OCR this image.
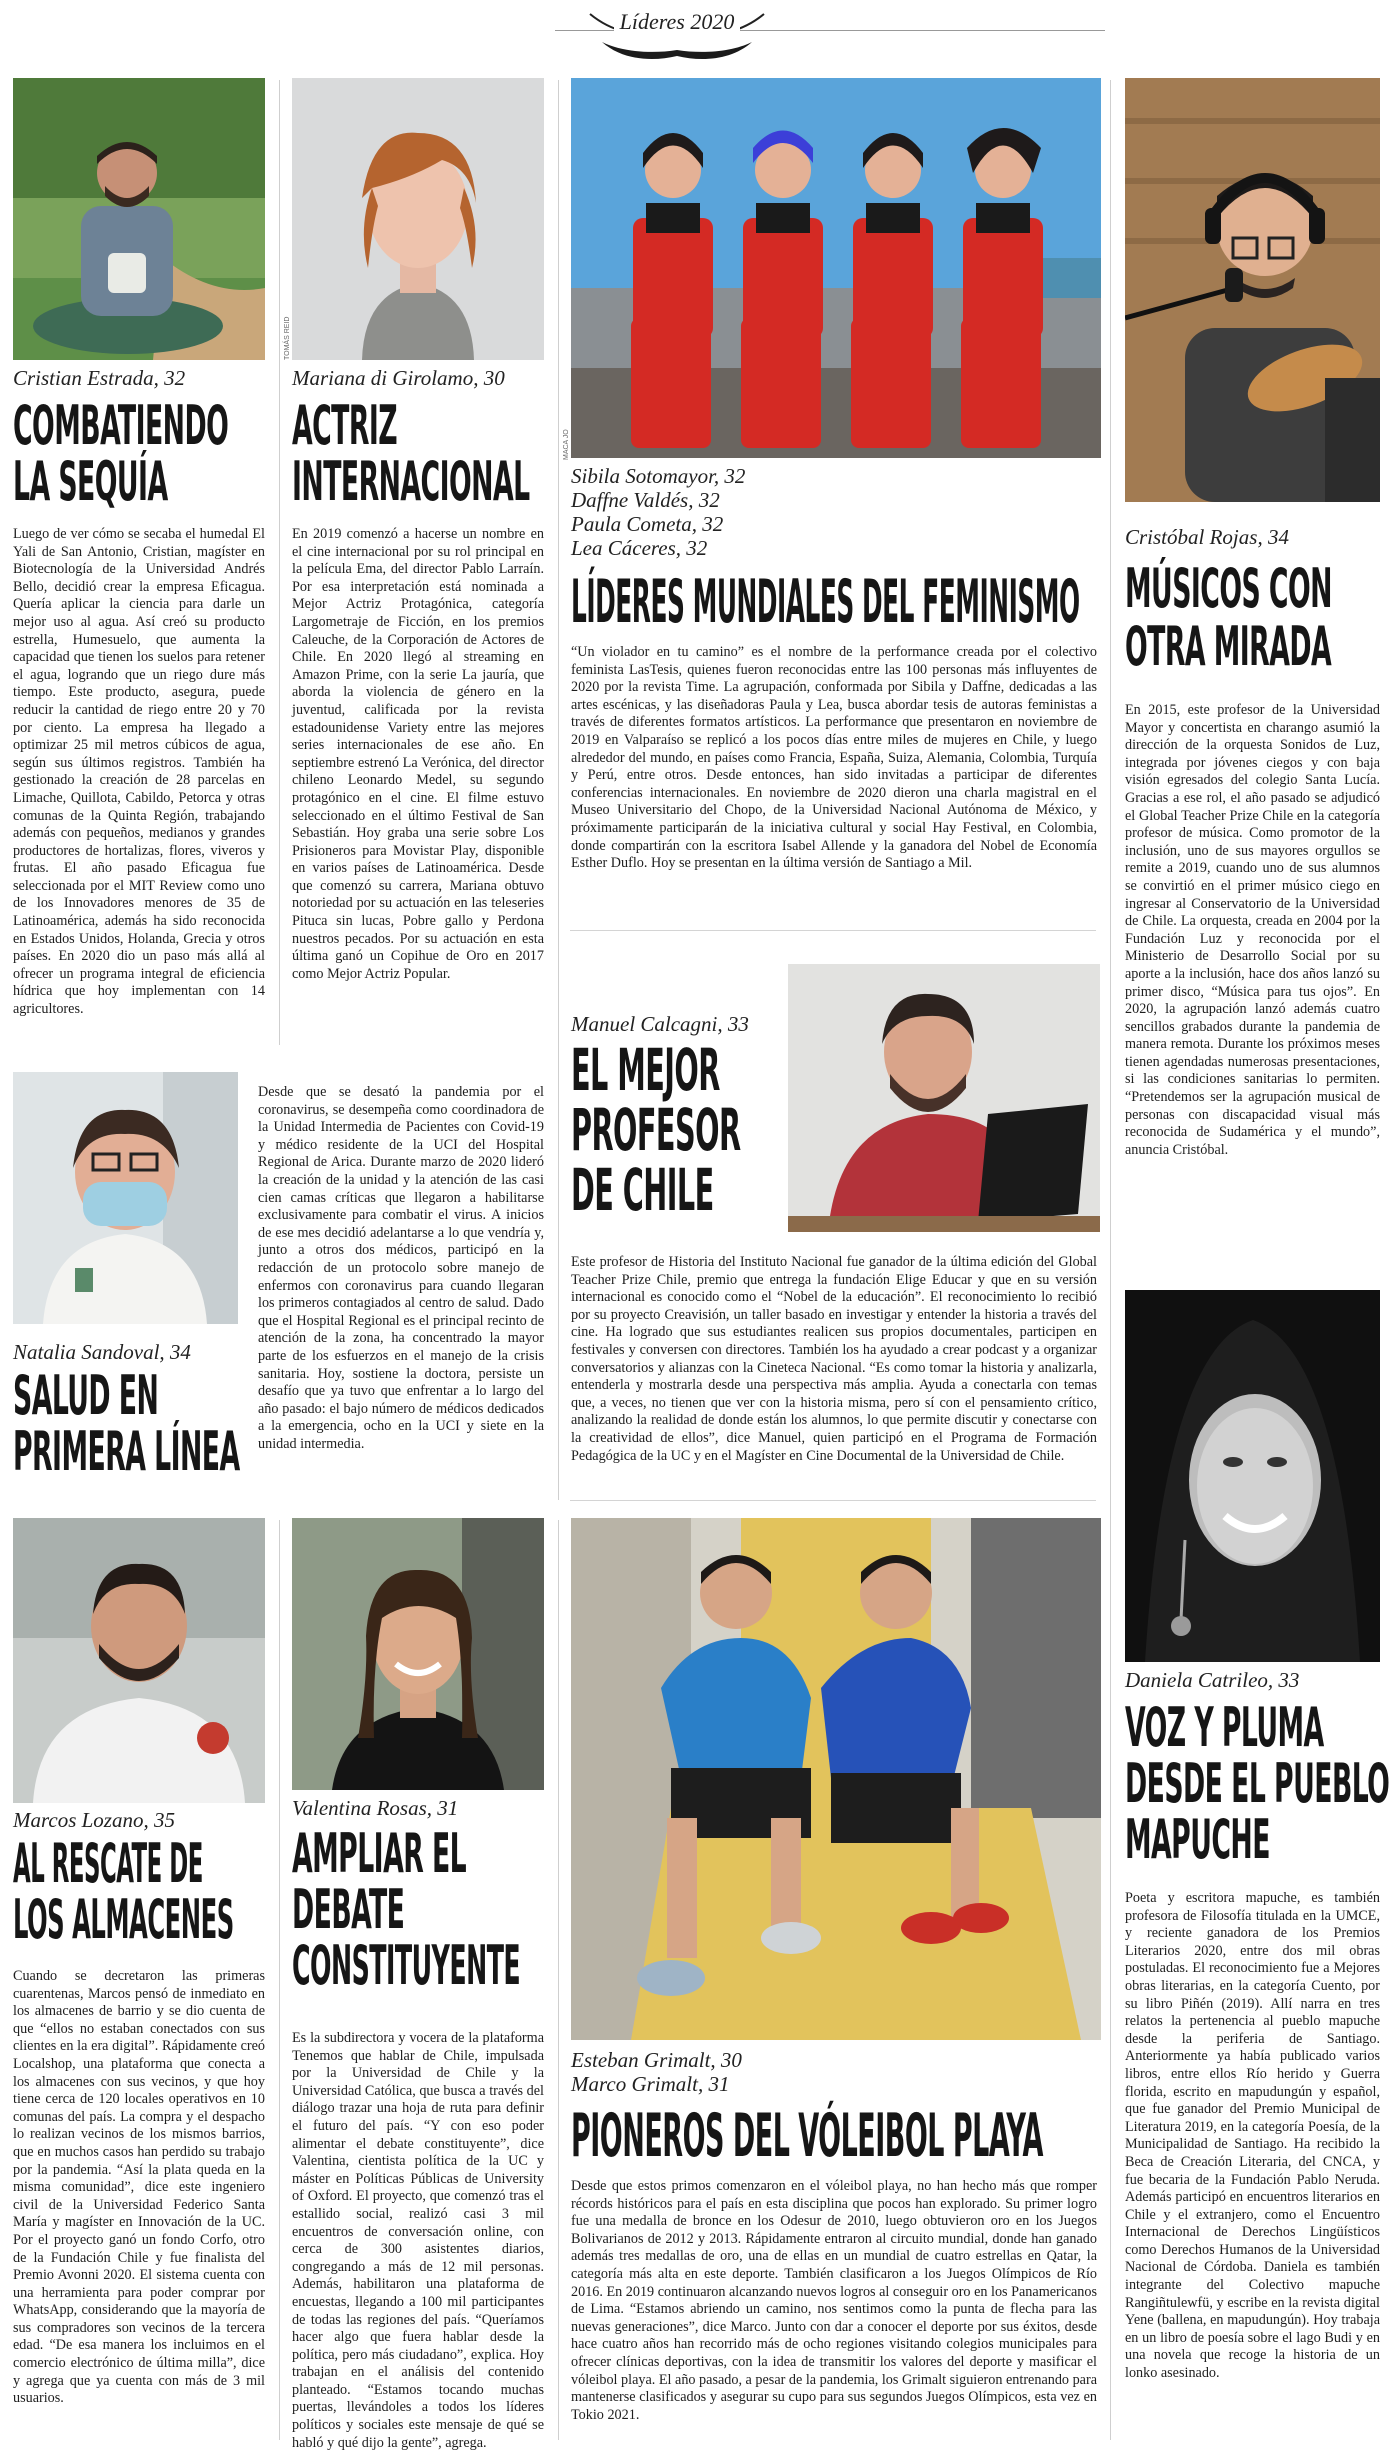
Líderes 2020
Cristian Estrada, 32
COMBATIENDO
LA SEQUÍA
Luego de ver cómo se secaba el humedal El Yali de San Antonio, Cristian, magíster en Biotecnología de la Universidad Andrés Bello, decidió crear la empresa Eficagua. Quería aplicar la ciencia para darle un mejor uso al agua. Así creó su producto estrella, Humesuelo, que aumenta la capacidad que tienen los suelos para retener el agua, logrando que un riego dure más tiempo. Este producto, asegura, puede reducir la cantidad de riego entre 20 y 70 por ciento. La empresa ha llegado a optimizar 25 mil metros cúbicos de agua, según sus últimos registros. También ha gestionado la creación de 28 parcelas en Limache, Quillota, Cabildo, Petorca y otras comunas de la Quinta Región, trabajando además con pequeños, medianos y grandes productores de hortalizas, flores, viveros y frutas. El año pasado Eficagua fue seleccionada por el MIT Review como uno de los Innovadores menores de 35 de Latinoamérica, además ha sido reconocida en Estados Unidos, Holanda, Grecia y otros países. En 2020 dio un paso más allá al ofrecer un programa integral de eficiencia hídrica que hoy implementan con 14 agricultores.
TOMÁS REID
Mariana di Girolamo, 30
ACTRIZ
INTERNACIONAL
En 2019 comenzó a hacerse un nombre en el cine internacional por su rol principal en la película Ema, del director Pablo Larraín. Por esa interpretación está nominada a Mejor Actriz Protagónica, categoría Largometraje de Ficción, en los premios Caleuche, de la Corporación de Actores de Chile. En 2020 llegó al streaming en Amazon Prime, con la serie La jauría, que aborda la violencia de género en la juventud, calificada por la revista estadounidense Variety entre las mejores series internacionales de ese año. En septiembre estrenó La Verónica, del director chileno Leonardo Medel, su segundo protagónico en el cine. El filme estuvo seleccionado en el último Festival de San Sebastián. Hoy graba una serie sobre Los Prisioneros para Movistar Play, disponible en varios países de Latinoamérica. Desde que comenzó su carrera, Mariana obtuvo notoriedad por su actuación en las teleseries Pituca sin lucas, Pobre gallo y Perdona nuestros pecados. Por su actuación en esta última ganó un Copihue de Oro en 2017 como Mejor Actriz Popular.
MACA JO
Sibila Sotomayor, 32
Daffne Valdés, 32
Paula Cometa, 32
Lea Cáceres, 32
LÍDERES MUNDIALES DEL FEMINISMO
“Un violador en tu camino” es el nombre de la performance creada por el colectivo feminista LasTesis, quienes fueron reconocidas entre las 100 personas más influyentes de 2020 por la revista Time. La agrupación, conformada por Sibila y Daffne, dedicadas a las artes escénicas, y las diseñadoras Paula y Lea, busca abordar tesis de autoras feministas a través de diferentes formatos artísticos. La performance que presentaron en noviembre de 2019 en Valparaíso se replicó a los pocos días entre miles de mujeres en Chile, y luego alrededor del mundo, en países como Francia, España, Suiza, Alemania, Colombia, Turquía y Perú, entre otros. Desde entonces, han sido invitadas a participar de diferentes conferencias internacionales. En noviembre de 2020 dieron una charla magistral en el Museo Universitario del Chopo, de la Universidad Nacional Autónoma de México, y próximamente participarán de la iniciativa cultural y social Hay Festival, en Colombia, donde compartirán con la escritora Isabel Allende y la ganadora del Nobel de Economía Esther Duflo. Hoy se presentan en la última versión de Santiago a Mil.
Cristóbal Rojas, 34
MÚSICOS CON
OTRA MIRADA
En 2015, este profesor de la Universidad Mayor y concertista en charango asumió la dirección de la orquesta Sonidos de Luz, integrada por jóvenes ciegos y con baja visión egresados del colegio Santa Lucía. Gracias a ese rol, el año pasado se adjudicó el Global Teacher Prize Chile en la categoría profesor de música. Como promotor de la inclusión, uno de sus mayores orgullos se remite a 2019, cuando uno de sus alumnos se convirtió en el primer músico ciego en ingresar al Conservatorio de la Universidad de Chile. La orquesta, creada en 2004 por la Fundación Luz y reconocida por el Ministerio de Desarrollo Social por su aporte a la inclusión, hace dos años lanzó su primer disco, “Música para tus ojos”. En 2020, la agrupación lanzó además cuatro sencillos grabados durante la pandemia de manera remota. Durante los próximos meses tienen agendadas numerosas presentaciones, si las condiciones sanitarias lo permiten. “Pretendemos ser la agrupación musical de personas con discapacidad visual más reconocida de Sudamérica y el mundo”, anuncia Cristóbal.
Natalia Sandoval, 34
SALUD EN
PRIMERA LÍNEA
Desde que se desató la pandemia por el coronavirus, se desempeña como coordinadora de la Unidad Intermedia de Pacientes con Covid-19 y médico residente de la UCI del Hospital Regional de Arica. Durante marzo de 2020 lideró la creación de la unidad y la atención de las casi cien camas críticas que llegaron a habilitarse exclusivamente para combatir el virus. A inicios de ese mes decidió adelantarse a lo que vendría y, junto a otros dos médicos, participó en la redacción de un protocolo sobre manejo de enfermos con coronavirus para cuando llegaran los primeros contagiados al centro de salud. Dado que el Hospital Regional es el principal recinto de atención de la zona, ha concentrado la mayor parte de los esfuerzos en el manejo de la crisis sanitaria. Hoy, sostiene la doctora, persiste un desafío que ya tuvo que enfrentar a lo largo del año pasado: el bajo número de médicos dedicados a la emergencia, ocho en la UCI y siete en la unidad intermedia.
Manuel Calcagni, 33
EL MEJOR
PROFESOR
DE CHILE
Este profesor de Historia del Instituto Nacional fue ganador de la última edición del Global Teacher Prize Chile, premio que entrega la fundación Elige Educar y que en su versión internacional es conocido como el “Nobel de la educación”. El reconocimiento lo recibió por su proyecto Creavisión, un taller basado en investigar y entender la historia a través del cine. Ha logrado que sus estudiantes realicen sus propios documentales, participen en festivales y conversen con directores. También los ha ayudado a crear podcast y a organizar conversatorios y alianzas con la Cineteca Nacional. “Es como tomar la historia y analizarla, entenderla y mostrarla desde una perspectiva más amplia. Ayuda a conectarla con temas que, a veces, no tienen que ver con la historia misma, pero sí con el pensamiento crítico, analizando la realidad de donde están los alumnos, lo que permite discutir y conectarse con la creatividad de ellos”, dice Manuel, quien participó en el Programa de Formación Pedagógica de la UC y en el Magíster en Cine Documental de la Universidad de Chile.
Daniela Catrileo, 33
VOZ Y PLUMA
DESDE EL PUEBLO
MAPUCHE
Poeta y escritora mapuche, es también profesora de Filosofía titulada en la UMCE, y reciente ganadora de los Premios Literarios 2020, entre dos mil obras postuladas. El reconocimiento fue a Mejores obras literarias, en la categoría Cuento, por su libro Piñén (2019). Allí narra en tres relatos la pertenencia al pueblo mapuche desde la periferia de Santiago. Anteriormente ya había publicado varios libros, entre ellos Río herido y Guerra florida, escrito en mapudungún y español, que fue ganador del Premio Municipal de Literatura 2019, en la categoría Poesía, de la Municipalidad de Santiago. Ha recibido la Beca de Creación Literaria, del CNCA, y fue becaria de la Fundación Pablo Neruda. Además participó en encuentros literarios en Chile y el extranjero, como el Encuentro Internacional de Derechos Lingüísticos como Derechos Humanos de la Universidad Nacional de Córdoba. Daniela es también integrante del Colectivo mapuche Rangiñtulewfü, y escribe en la revista digital Yene (ballena, en mapudungún). Hoy trabaja en un libro de poesía sobre el lago Budi y en una novela que recoge la historia de un lonko asesinado.
Marcos Lozano, 35
AL RESCATE DE
LOS ALMACENES
Cuando se decretaron las primeras cuarentenas, Marcos pensó de inmediato en los almacenes de barrio y se dio cuenta de que “ellos no estaban conectados con sus clientes en la era digital”. Rápidamente creó Localshop, una plataforma que conecta a los almacenes con sus vecinos, y que hoy tiene cerca de 120 locales operativos en 10 comunas del país. La compra y el despacho lo realizan vecinos de los mismos barrios, que en muchos casos han perdido su trabajo por la pandemia. “Así la plata queda en la misma comunidad”, dice este ingeniero civil de la Universidad Federico Santa María y magíster en Innovación de la UC. Por el proyecto ganó un fondo Corfo, otro de la Fundación Chile y fue finalista del Premio Avonni 2020. El sistema cuenta con una herramienta para poder comprar por WhatsApp, considerando que la mayoría de sus compradores son vecinos de la tercera edad. “De esa manera los incluimos en el comercio electrónico de última milla”, dice y agrega que ya cuenta con más de 3 mil usuarios.
Valentina Rosas, 31
AMPLIAR EL
DEBATE
CONSTITUYENTE
Es la subdirectora y vocera de la plataforma Tenemos que hablar de Chile, impulsada por la Universidad de Chile y la Universidad Católica, que busca a través del diálogo trazar una hoja de ruta para definir el futuro del país. “Y con eso poder alimentar el debate constituyente”, dice Valentina, cientista política de la UC y máster en Políticas Públicas de University of Oxford. El proyecto, que comenzó tras el estallido social, realizó casi 3 mil encuentros de conversación online, con cerca de 300 asistentes diarios, congregando a más de 12 mil personas. Además, habilitaron una plataforma de encuestas, llegando a 100 mil participantes de todas las regiones del país. “Queríamos hacer algo que fuera hablar desde la política, pero más ciudadano”, explica. Hoy trabajan en el análisis del contenido planteado. “Estamos tocando muchas puertas, llevándoles a todos los líderes políticos y sociales este mensaje de qué se habló y qué dijo la gente”, agrega.
Esteban Grimalt, 30
Marco Grimalt, 31
PIONEROS DEL VÓLEIBOL PLAYA
Desde que estos primos comenzaron en el vóleibol playa, no han hecho más que romper récords históricos para el país en esta disciplina que pocos han explorado. Su primer logro fue una medalla de bronce en los Odesur de 2010, luego obtuvieron oro en los Juegos Bolivarianos de 2012 y 2013. Rápidamente entraron al circuito mundial, donde han ganado además tres medallas de oro, una de ellas en un mundial de cuatro estrellas en Qatar, la categoría más alta en este deporte. También clasificaron a los Juegos Olímpicos de Río 2016. En 2019 continuaron alcanzando nuevos logros al conseguir oro en los Panamericanos de Lima. “Estamos abriendo un camino, nos sentimos como la punta de flecha para las nuevas generaciones”, dice Marco. Junto con dar a conocer el deporte por sus éxitos, desde hace cuatro años han recorrido más de ocho regiones visitando colegios municipales para ofrecer clínicas deportivas, con la idea de transmitir los valores del deporte y masificar el vóleibol playa. El año pasado, a pesar de la pandemia, los Grimalt siguieron entrenando para mantenerse clasificados y asegurar su cupo para sus segundos Juegos Olímpicos, esta vez en Tokio 2021.
